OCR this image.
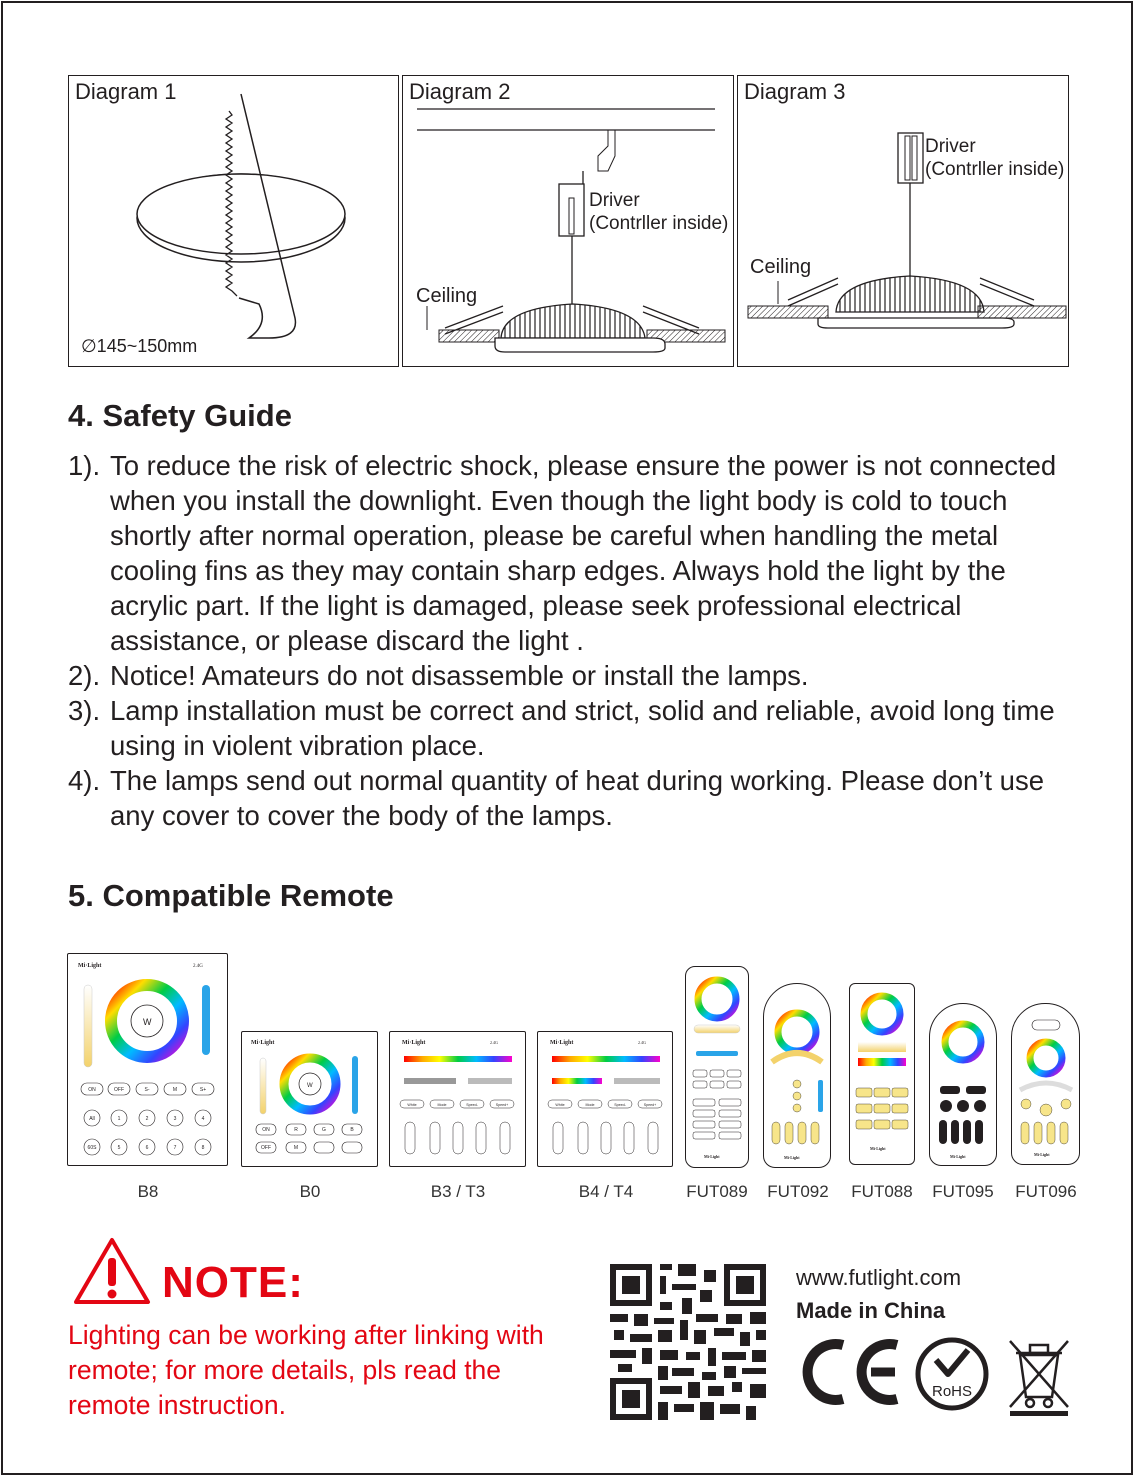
Diagram 1
∅145~150mm
Diagram 2
Driver
(Contrller inside)
Ceiling
Diagram 3
Driver
(Contrller inside)
Ceiling
4. Safety Guide
1). To reduce the risk of electric shock, please ensure the power is not connected when you install the downlight. Even though the light body is cold to touch shortly after normal operation, please be careful when handling the metal cooling fins as they may contain sharp edges. Always hold the light by the acrylic part. If the light is damaged, please seek professional electrical assistance, or please discard the light .
2). Notice! Amateurs do not disassemble or install the lamps.
3). Lamp installation must be correct and strict, solid and reliable, avoid long time using in violent vibration place.
4). The lamps send out normal quantity of heat during working. Please don’t use any cover to cover the body of the lamps.
5. Compatible Remote
Mi·Light	2.4G
W
ON	OFF	S-	M	S+
All	1	2	3	4
60S	5	6	7	8
Mi·Light
W
ON	R	G	B
OFF	M
Mi·Light	2.4G
White	Mode	Speed-	Speed+
Mi·Light	2.4G
White	Mode	Speed-	Speed+
Mi·Light	Mi·Light
Mi·Light
Mi·Light	Mi·Light
B8	B0	B3 / T3	B4 / T4	FUT089	FUT092	FUT088	FUT095	FUT096
NOTE:
Lighting can be working after linking with remote; for more details, pls read the remote instruction.
www.futlight.com
Made in China
RoHS
